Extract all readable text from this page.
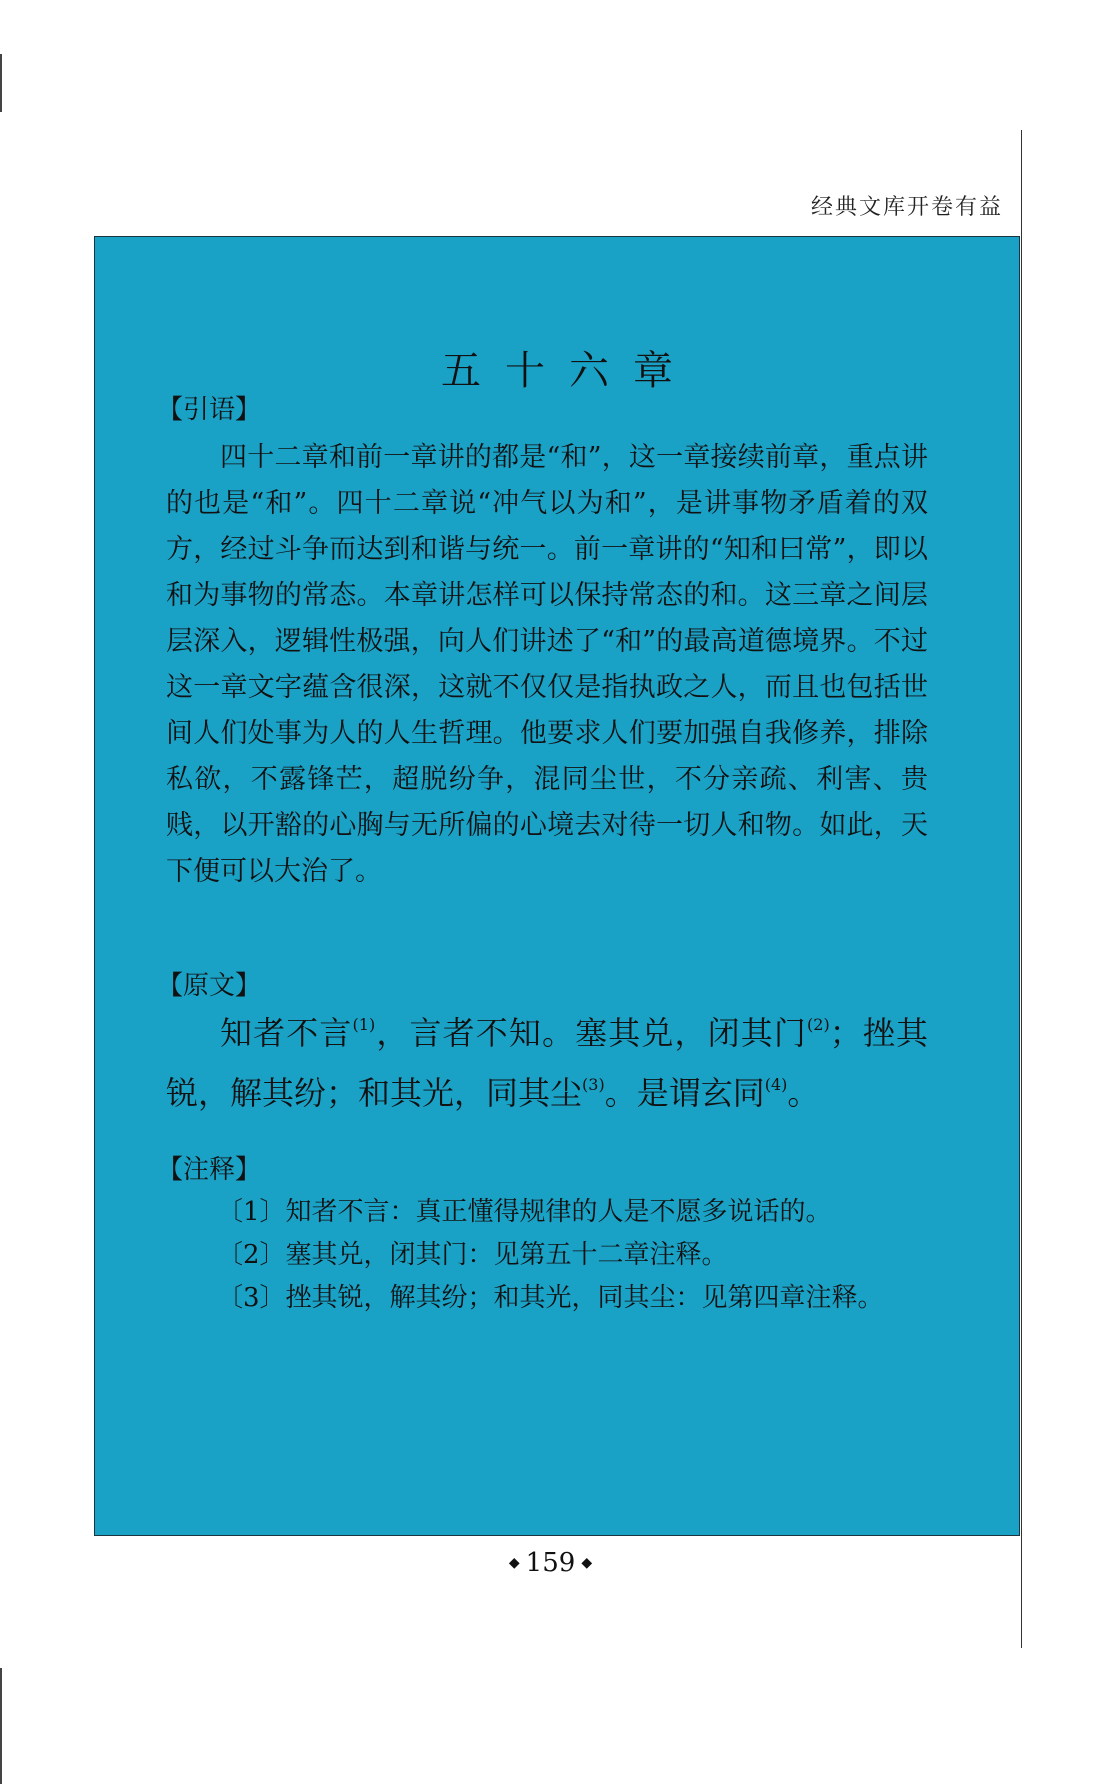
经典文库开卷有益
五十六章
【引语】

四十二章和前一章讲的都是“和”，这一章接续前章，重点讲的也是“和”。四十二章说“冲气以为和”，是讲事物矛盾着的双方，经过斗争而达到和谐与统一。前一章讲的“知和曰常”，即以和为事物的常态。本章讲怎样可以保持常态的和。这三章之间层层深入，逻辑性极强，向人们讲述了“和”的最高道德境界。不过这一章文字蕴含很深，这就不仅仅是指执政之人，而且也包括世间人们处事为人的人生哲理。他要求人们要加强自我修养，排除私欲，不露锋芒，超脱纷争，混同尘世，不分亲疏、利害、贵贱，以开豁的心胸与无所偏的心境去对待一切人和物。如此，天下便可以大治了。

【原文】

知者不言$^{(1)}$，言者不知。塞其兑，闭其门$^{(2)}$；挫其锐，解其纷；和其光，同其尘$^{(3)}$。是谓玄同$^{(4)}$。

【注释】
〔1〕知者不言：真正懂得规律的人是不愿多说话的。
〔2〕塞其兑，闭其门：见第五十二章注释。
〔3〕挫其锐，解其纷；和其光，同其尘：见第四章注释。
◆ 159 ◆
